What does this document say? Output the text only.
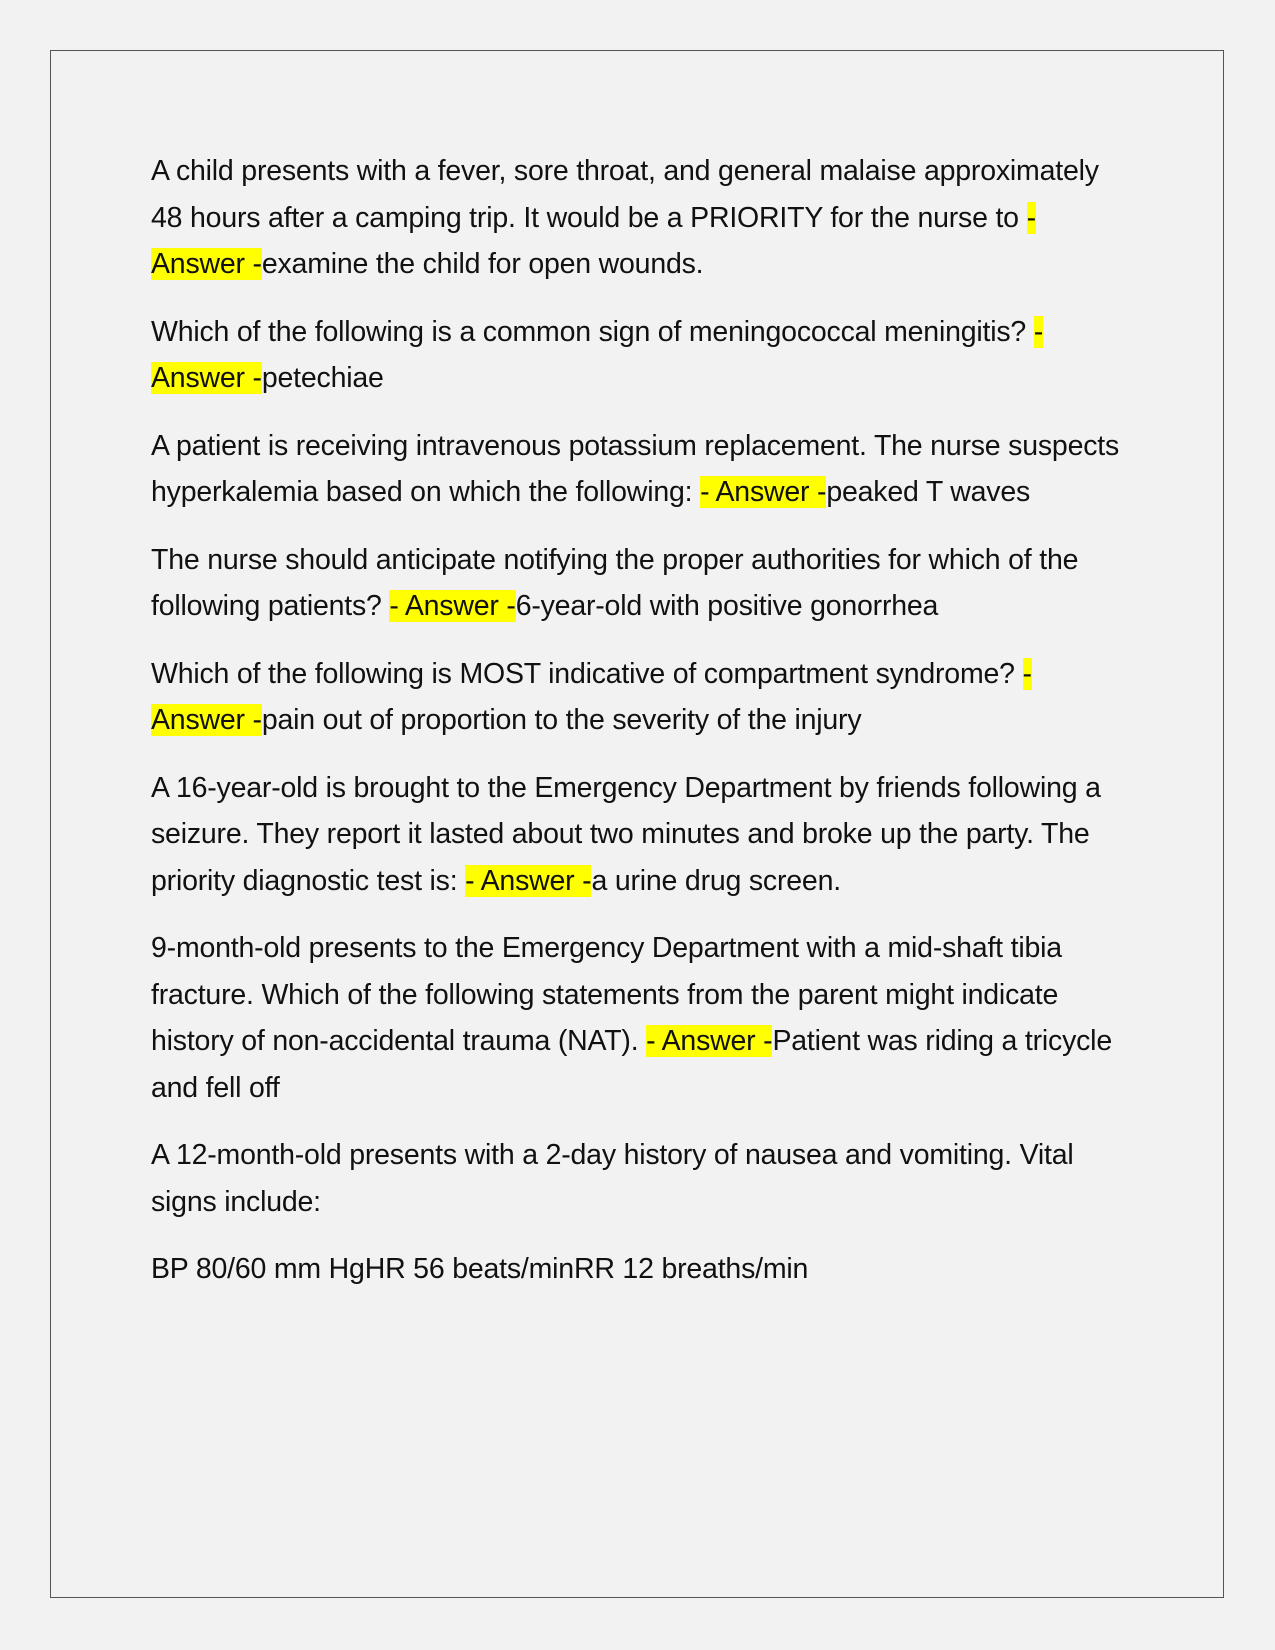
A child presents with a fever, sore throat, and general malaise approximately 48 hours after a camping trip. It would be a PRIORITY for the nurse to - Answer -examine the child for open wounds.

Which of the following is a common sign of meningococcal meningitis? - Answer -petechiae

A patient is receiving intravenous potassium replacement. The nurse suspects hyperkalemia based on which the following: - Answer -peaked T waves

The nurse should anticipate notifying the proper authorities for which of the following patients? - Answer -6-year-old with positive gonorrhea

Which of the following is MOST indicative of compartment syndrome? - Answer -pain out of proportion to the severity of the injury

A 16-year-old is brought to the Emergency Department by friends following a seizure. They report it lasted about two minutes and broke up the party. The priority diagnostic test is: - Answer -a urine drug screen.

9-month-old presents to the Emergency Department with a mid-shaft tibia fracture. Which of the following statements from the parent might indicate history of non-accidental trauma (NAT). - Answer -Patient was riding a tricycle and fell off

A 12-month-old presents with a 2-day history of nausea and vomiting. Vital signs include:

BP 80/60 mm HgHR 56 beats/minRR 12 breaths/min
